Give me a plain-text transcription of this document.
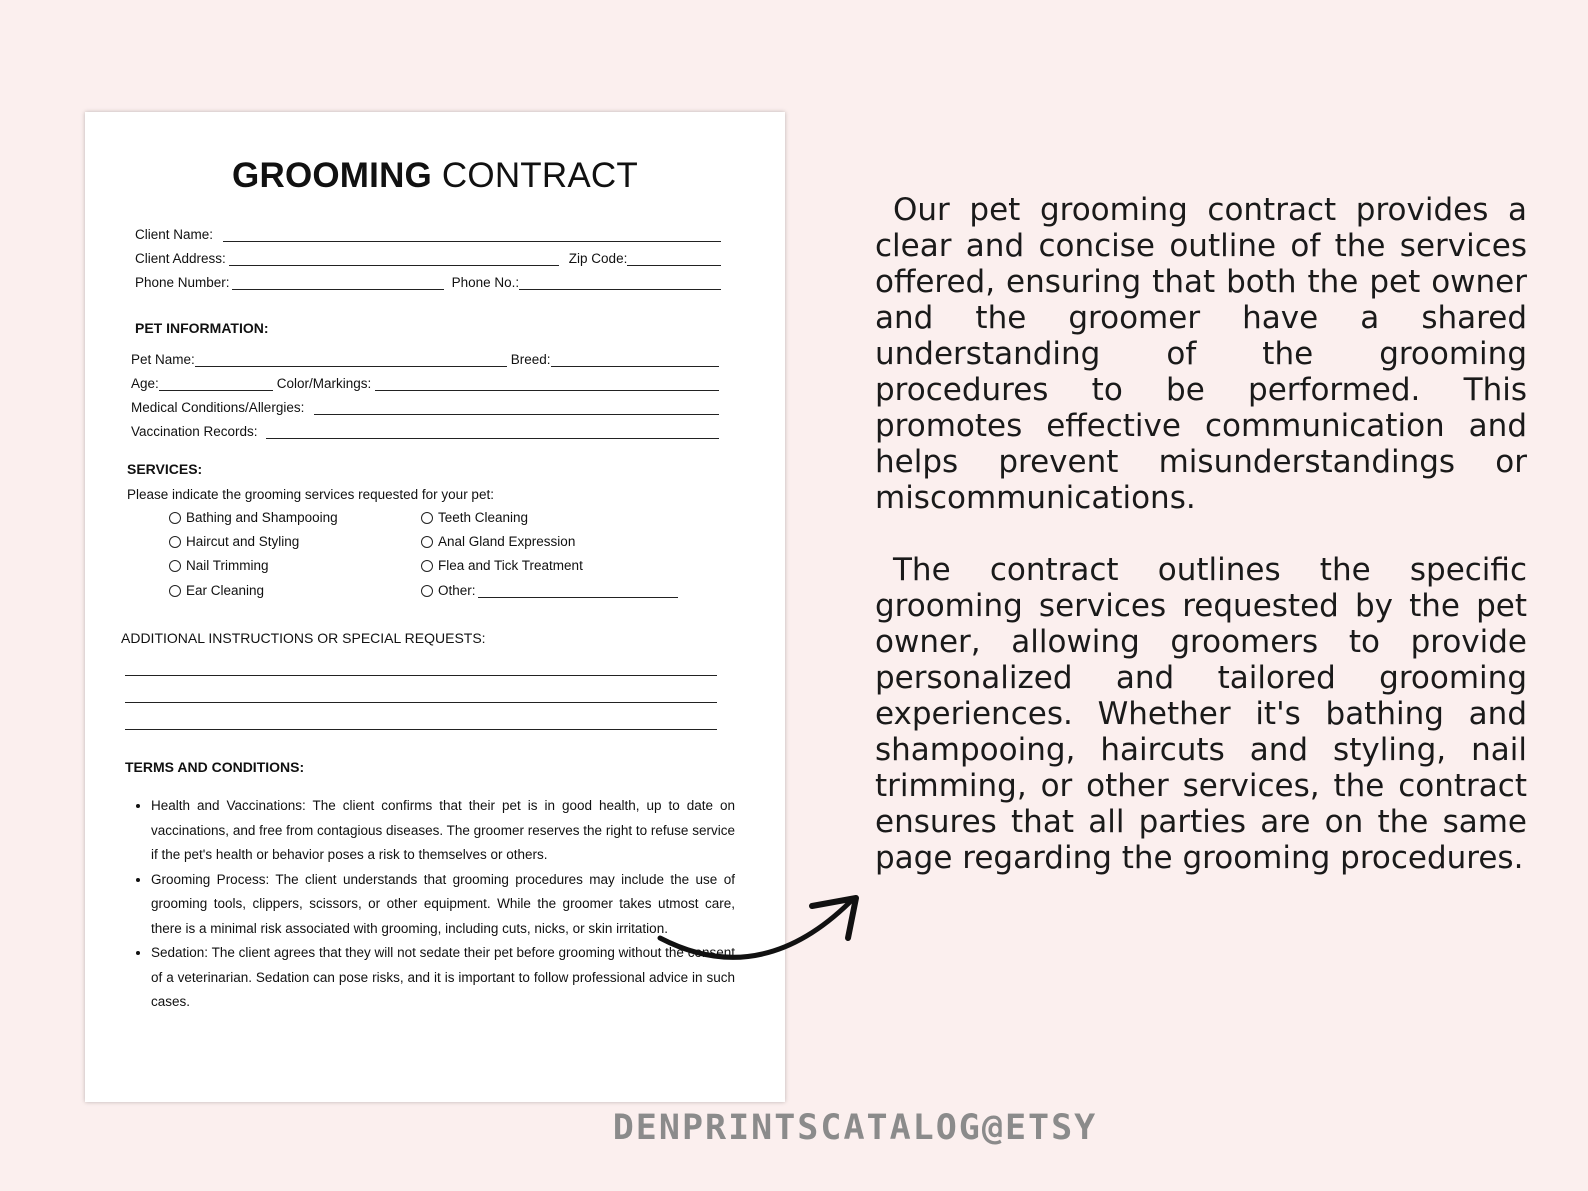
GROOMING CONTRACT
Client Name:
Client Address:	Zip Code:
Phone Number:	Phone No.:
PET INFORMATION:
Pet Name:	Breed:
Age:	Color/Markings:
Medical Conditions/Allergies:
Vaccination Records:
SERVICES:
Please indicate the grooming services requested for your pet:
Bathing and Shampooing
Haircut and Styling
Nail Trimming
Ear Cleaning
Teeth Cleaning
Anal Gland Expression
Flea and Tick Treatment
Other:
ADDITIONAL INSTRUCTIONS OR SPECIAL REQUESTS:
TERMS AND CONDITIONS:
• Health and Vaccinations: The client confirms that their pet is in good health, up to date on vaccinations, and free from contagious diseases. The groomer reserves the right to refuse service if the pet's health or behavior poses a risk to themselves or others.
• Grooming Process: The client understands that grooming procedures may include the use of grooming tools, clippers, scissors, or other equipment. While the groomer takes utmost care, there is a minimal risk associated with grooming, including cuts, nicks, or skin irritation.
• Sedation: The client agrees that they will not sedate their pet before grooming without the consent of a veterinarian. Sedation can pose risks, and it is important to follow professional advice in such cases.

Our pet grooming contract provides a clear and concise outline of the services offered, ensuring that both the pet owner and the groomer have a shared understanding of the grooming procedures to be performed. This promotes effective communication and helps prevent misunderstandings or miscommunications.

The contract outlines the specific grooming services requested by the pet owner, allowing groomers to provide personalized and tailored grooming experiences. Whether it's bathing and shampooing, haircuts and styling, nail trimming, or other services, the contract ensures that all parties are on the same page regarding the grooming procedures.

DENPRINTSCATALOG@ETSY
